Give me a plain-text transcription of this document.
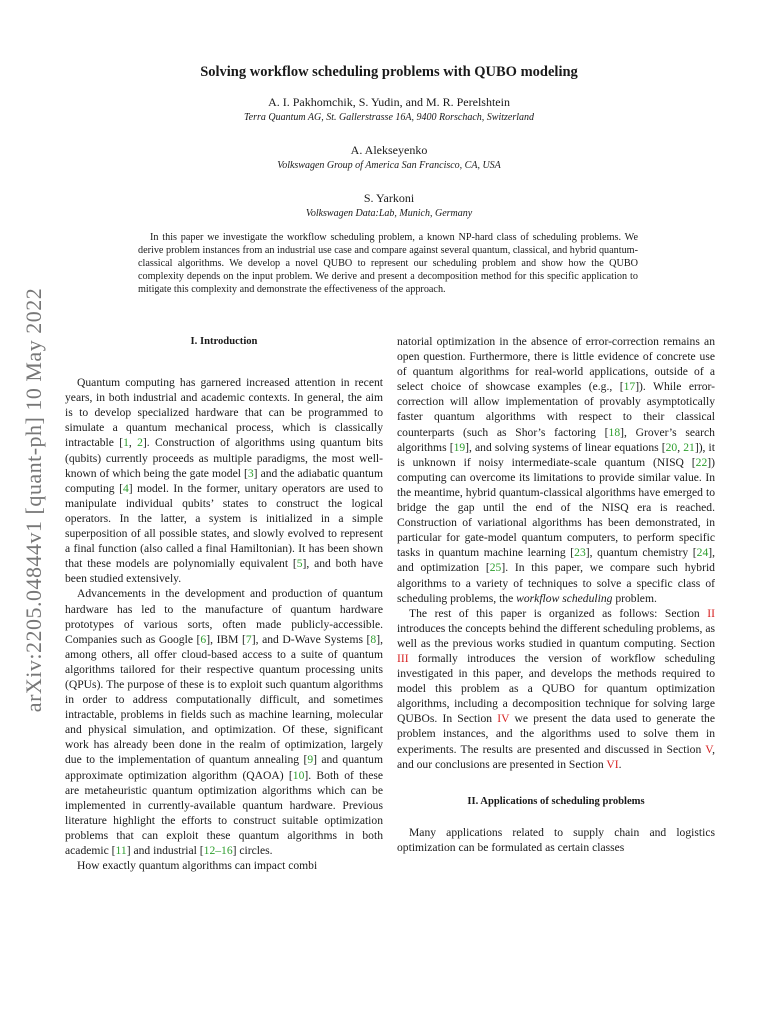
arXiv:2205.04844v1 [quant-ph] 10 May 2022
Solving workflow scheduling problems with QUBO modeling
A. I. Pakhomchik, S. Yudin, and M. R. Perelshtein
Terra Quantum AG, St. Gallerstrasse 16A, 9400 Rorschach, Switzerland
A. Alekseyenko
Volkswagen Group of America San Francisco, CA, USA
S. Yarkoni
Volkswagen Data:Lab, Munich, Germany

In this paper we investigate the workflow scheduling problem, a known NP-hard class of scheduling problems. We derive problem instances from an industrial use case and compare against several quantum, classical, and hybrid quantum-classical algorithms. We develop a novel QUBO to represent our scheduling problem and show how the QUBO complexity depends on the input problem. We derive and present a decomposition method for this specific application to mitigate this complexity and demonstrate the effectiveness of the approach.

I. Introduction

Quantum computing has garnered increased attention in recent years, in both industrial and academic contexts. In general, the aim is to develop specialized hardware that can be programmed to simulate a quantum mechanical process, which is classically intractable [1, 2]. Construction of algorithms using quantum bits (qubits) currently proceeds as multiple paradigms, the most well-known of which being the gate model [3] and the adiabatic quantum computing [4] model. In the former, unitary operators are used to manipulate individual qubits’ states to construct the logical operators. In the latter, a system is initialized in a simple superposition of all possible states, and slowly evolved to represent a final function (also called a final Hamiltonian). It has been shown that these models are polynomially equivalent [5], and both have been studied extensively.

Advancements in the development and production of quantum hardware has led to the manufacture of quantum hardware prototypes of various sorts, often made publicly-accessible. Companies such as Google [6], IBM [7], and D-Wave Systems [8], among others, all offer cloud-based access to a suite of quantum algorithms tailored for their respective quantum processing units (QPUs). The purpose of these is to exploit such quantum algorithms in order to address computationally difficult, and sometimes intractable, problems in fields such as machine learning, molecular and physical simulation, and optimization. Of these, significant work has already been done in the realm of optimization, largely due to the implementation of quantum annealing [9] and quantum approximate optimization algorithm (QAOA) [10]. Both of these are metaheuristic quantum optimization algorithms which can be implemented in currently-available quantum hardware. Previous literature highlight the efforts to construct suitable optimization problems that can exploit these quantum algorithms in both academic [11] and industrial [12–16] circles.

How exactly quantum algorithms can impact combi

natorial optimization in the absence of error-correction remains an open question. Furthermore, there is little evidence of concrete use of quantum algorithms for real-world applications, outside of a select choice of showcase examples (e.g., [17]). While error-correction will allow implementation of provably asymptotically faster quantum algorithms with respect to their classical counterparts (such as Shor’s factoring [18], Grover’s search algorithms [19], and solving systems of linear equations [20, 21]), it is unknown if noisy intermediate-scale quantum (NISQ [22]) computing can overcome its limitations to provide similar value. In the meantime, hybrid quantum-classical algorithms have emerged to bridge the gap until the end of the NISQ era is reached. Construction of variational algorithms has been demonstrated, in particular for gate-model quantum computers, to perform specific tasks in quantum machine learning [23], quantum chemistry [24], and optimization [25]. In this paper, we compare such hybrid algorithms to a variety of techniques to solve a specific class of scheduling problems, the workflow scheduling problem.

The rest of this paper is organized as follows: Section II introduces the concepts behind the different scheduling problems, as well as the previous works studied in quantum computing. Section III formally introduces the version of workflow scheduling investigated in this paper, and develops the methods required to model this problem as a QUBO for quantum optimization algorithms, including a decomposition technique for solving large QUBOs. In Section IV we present the data used to generate the problem instances, and the algorithms used to solve them in experiments. The results are presented and discussed in Section V, and our conclusions are presented in Section VI.

II. Applications of scheduling problems

Many applications related to supply chain and logistics optimization can be formulated as certain classes
